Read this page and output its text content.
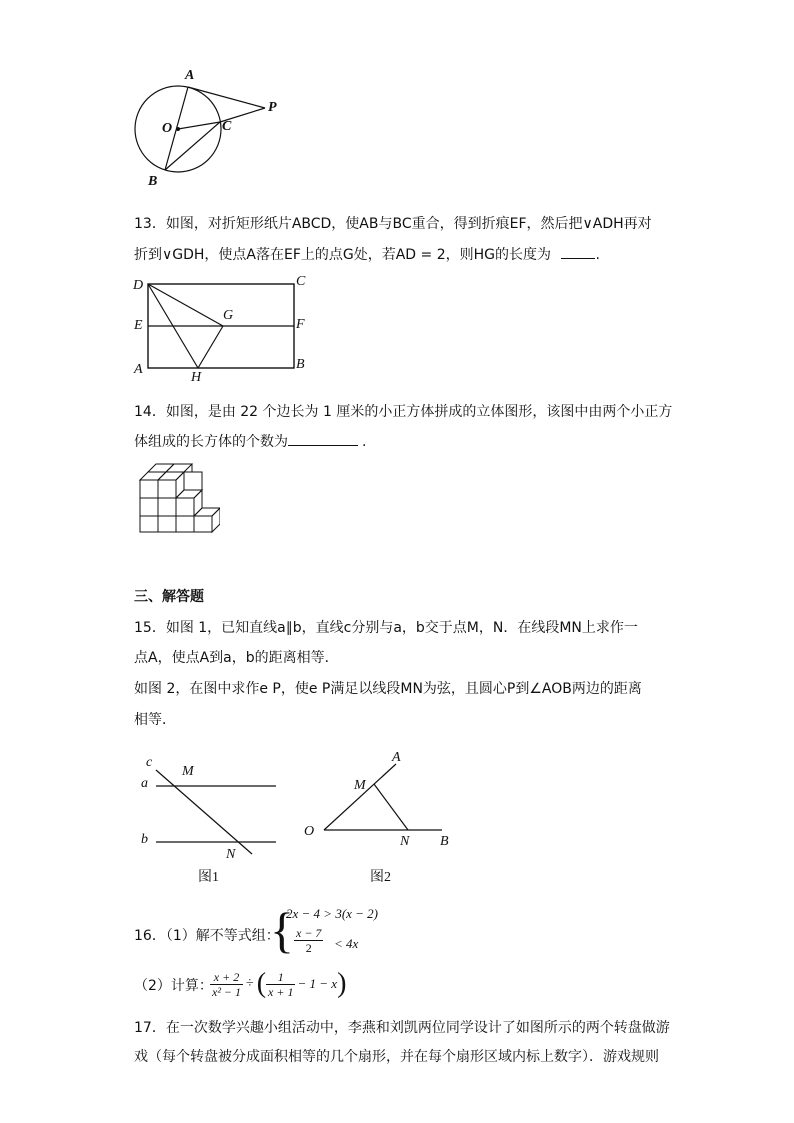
A
P
O	C
B
13．如图，对折矩形纸片ABCD，使AB与BC重合，得到折痕EF，然后把∨ADH再对
折到∨GDH，使点A落在EF上的点G处，若AD = 2，则HG的长度为	.
D	C
E
G
F
A
H
B
14．如图，是由 22 个边长为 1 厘米的小正方体拼成的立体图形，该图中由两个小正方
体组成的长方体的个数为	.
三、解答题
15．如图 1，已知直线a∥b，直线c分别与a，b交于点M，N．在线段MN上求作一
点A，使点A到a，b的距离相等．
如图 2，在图中求作e P，使e P满足以线段MN为弦，且圆心P到∠AOB两边的距离
相等．
c
a
M
b
N
图1
A
M
O
N B
图2
16．（1）解不等式组：
{
2x − 4 > 3(x − 2)
$\frac{x - 7}{2} < 4x$
（2）计算：
$\frac{x + 2}{\text{x² − 1}}$ ÷ ( $\frac{1}{x + 1} - 1 - x$ )
17．在一次数学兴趣小组活动中，李燕和刘凯两位同学设计了如图所示的两个转盘做游
戏（每个转盘被分成面积相等的几个扇形，并在每个扇形区域内标上数字）．游戏规则
